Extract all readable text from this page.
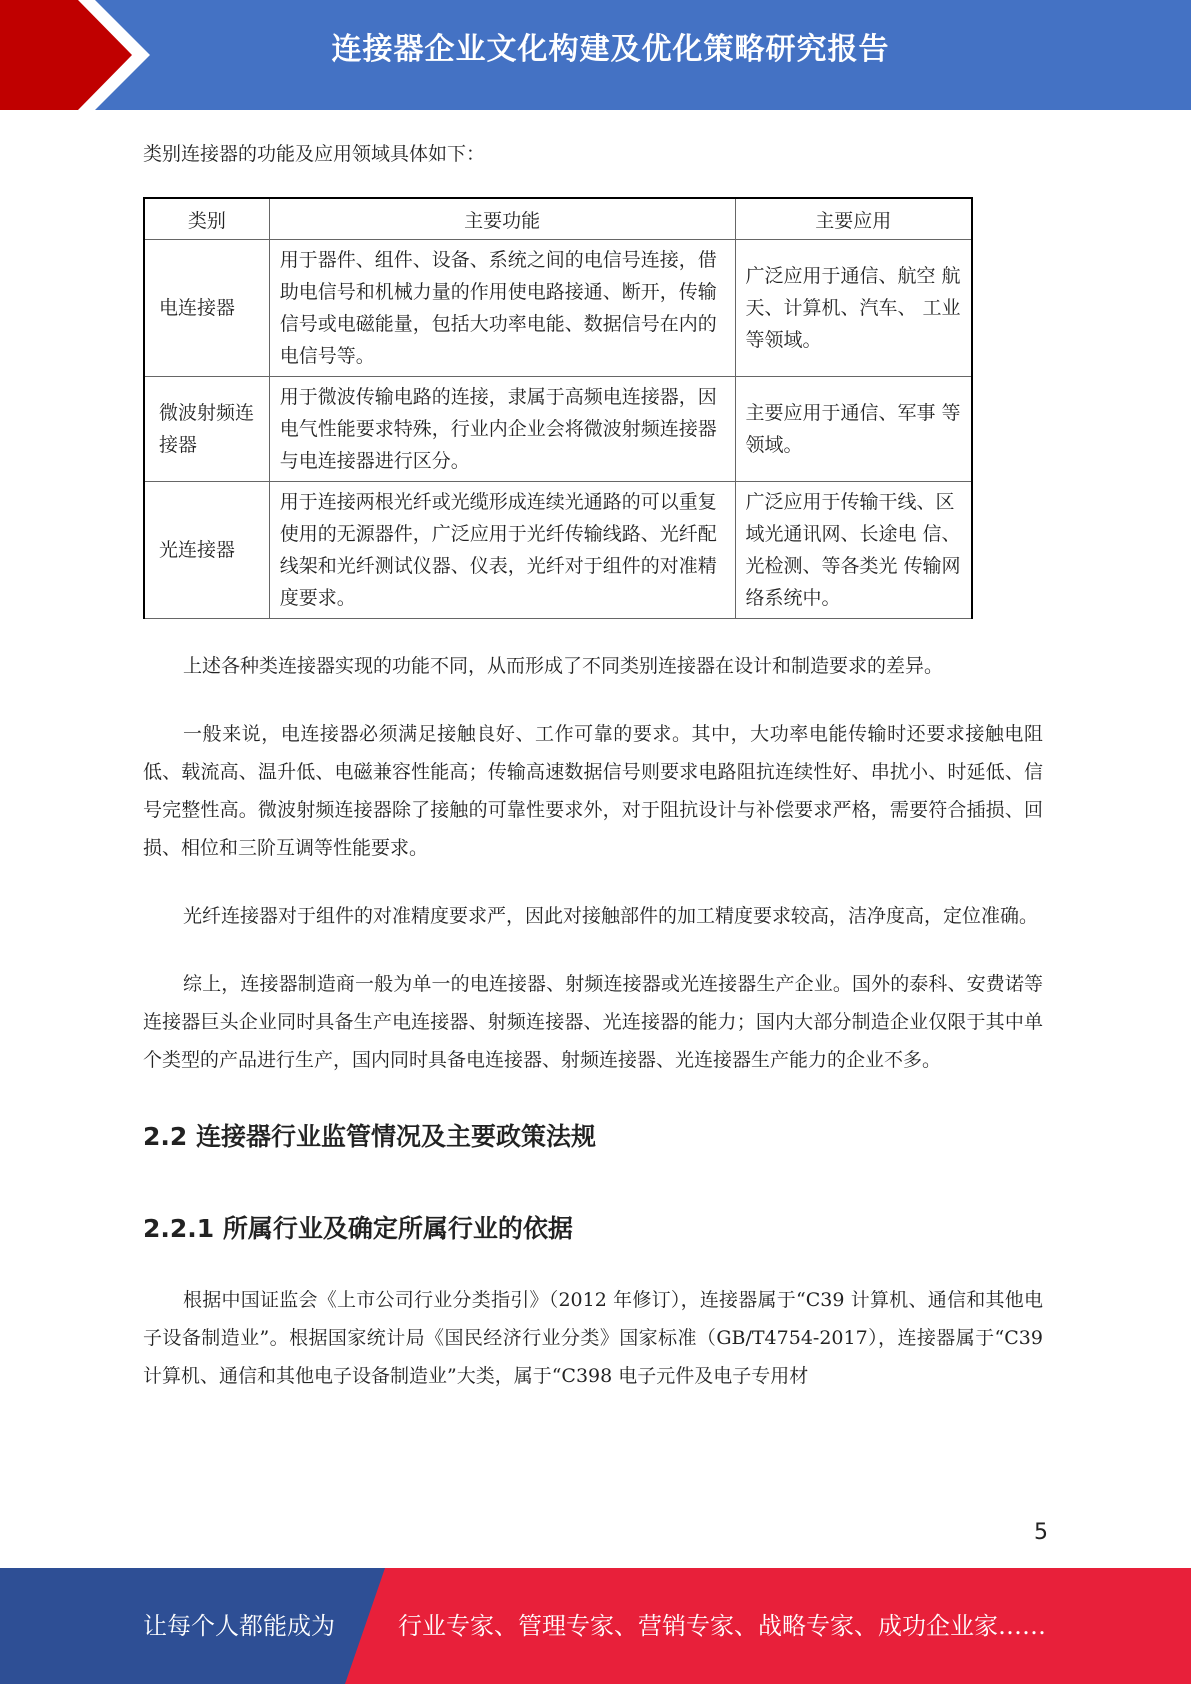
连接器企业文化构建及优化策略研究报告

类别连接器的功能及应用领域具体如下：

类别	主要功能	主要应用
电连接器	用于器件、组件、设备、系统之间的电信号连接，借助电信号和机械力量的作用使电路接通、断开，传输信号或电磁能量，包括大功率电能、数据信号在内的电信号等。	广泛应用于通信、航空 航天、计算机、汽车、 工业等领域。
微波射频连接器	用于微波传输电路的连接，隶属于高频电连接器，因电气性能要求特殊，行业内企业会将微波射频连接器与电连接器进行区分。	主要应用于通信、军事 等领域。
光连接器	用于连接两根光纤或光缆形成连续光通路的可以重复使用的无源器件，广泛应用于光纤传输线路、光纤配线架和光纤测试仪器、仪表，光纤对于组件的对准精度要求。	广泛应用于传输干线、区域光通讯网、长途电 信、光检测、等各类光 传输网络系统中。

上述各种类连接器实现的功能不同，从而形成了不同类别连接器在设计和制造要求的差异。

一般来说，电连接器必须满足接触良好、工作可靠的要求。其中，大功率电能传输时还要求接触电阻低、载流高、温升低、电磁兼容性能高；传输高速数据信号则要求电路阻抗连续性好、串扰小、时延低、信号完整性高。微波射频连接器除了接触的可靠性要求外，对于阻抗设计与补偿要求严格，需要符合插损、回损、相位和三阶互调等性能要求。

光纤连接器对于组件的对准精度要求严，因此对接触部件的加工精度要求较高，洁净度高，定位准确。

综上，连接器制造商一般为单一的电连接器、射频连接器或光连接器生产企业。国外的泰科、安费诺等连接器巨头企业同时具备生产电连接器、射频连接器、光连接器的能力；国内大部分制造企业仅限于其中单个类型的产品进行生产，国内同时具备电连接器、射频连接器、光连接器生产能力的企业不多。

2.2 连接器行业监管情况及主要政策法规
2.2.1 所属行业及确定所属行业的依据

根据中国证监会《上市公司行业分类指引》（2012 年修订），连接器属于“C39 计算机、通信和其他电子设备制造业”。根据国家统计局《国民经济行业分类》国家标准（GB/T4754-2017），连接器属于“C39 计算机、通信和其他电子设备制造业”大类，属于“C398 电子元件及电子专用材

5
让每个人都能成为	行业专家、管理专家、营销专家、战略专家、成功企业家……
